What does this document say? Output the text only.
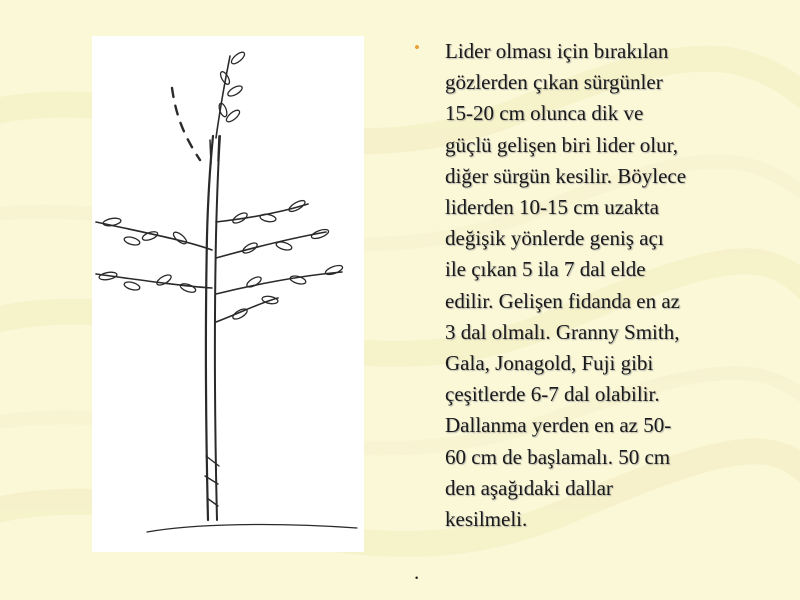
• Lider olması için bırakılan
gözlerden çıkan sürgünler
15-20 cm olunca dik ve
güçlü gelişen biri lider olur,
diğer sürgün kesilir. Böylece
liderden 10-15 cm uzakta
değişik yönlerde geniş açı
ile çıkan 5 ila 7 dal elde
edilir. Gelişen fidanda en az
3 dal olmalı. Granny Smith,
Gala, Jonagold, Fuji gibi
çeşitlerde 6-7 dal olabilir.
Dallanma yerden en az 50-
60 cm de başlamalı. 50 cm
den aşağıdaki dallar
kesilmeli.
.
